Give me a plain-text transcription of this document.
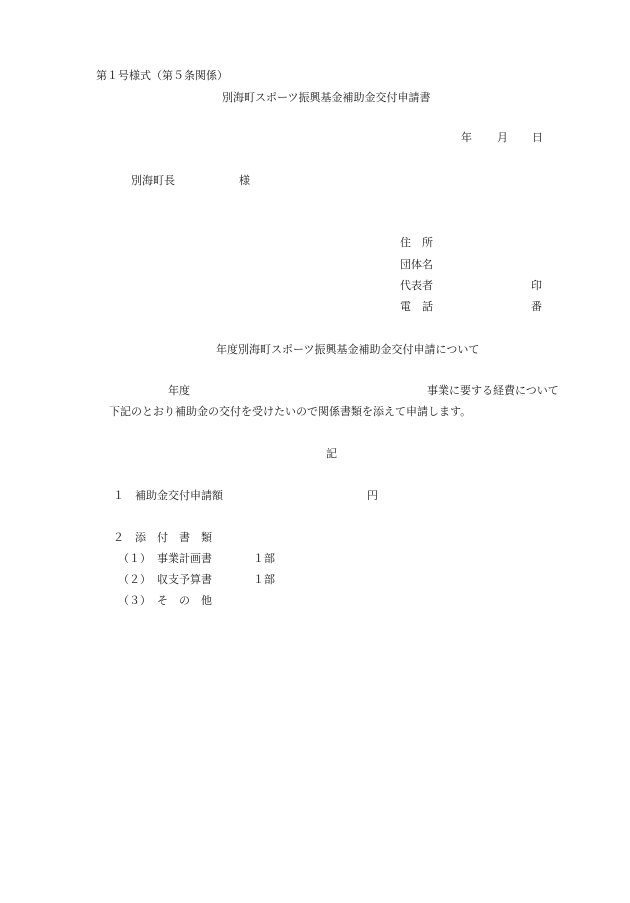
第１号様式（第５条関係）
別海町スポーツ振興基金補助金交付申請書
年 月 日
別海町長	様
住　所
団体名
代表者	印
電　話	番
年度別海町スポーツ振興基金補助金交付申請について
年度	事業に要する経費について
下記のとおり補助金の交付を受けたいので関係書類を添えて申請します。
記
１　補助金交付申請額	円
２　添　付　書　類
（１） 事業計画書	１部
（２） 収支予算書	１部
（３） そ　の　他
